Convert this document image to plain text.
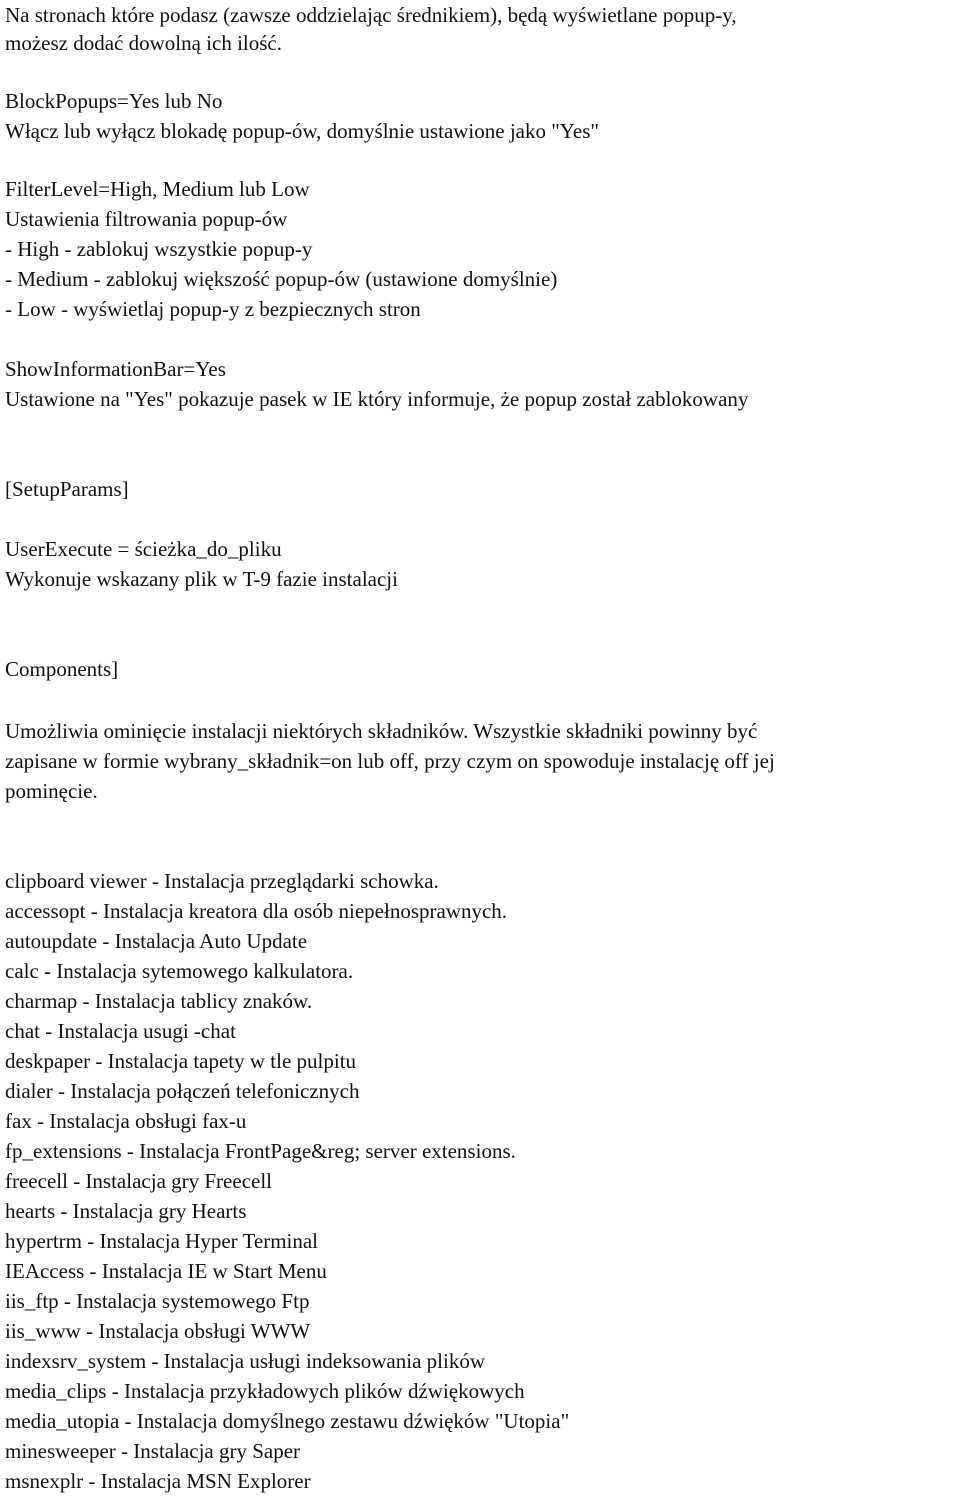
Na stronach które podasz (zawsze oddzielając średnikiem), będą wyświetlane popup-y,
możesz dodać dowolną ich ilość.
BlockPopups=Yes lub No
Włącz lub wyłącz blokadę popup-ów, domyślnie ustawione jako "Yes"
FilterLevel=High, Medium lub Low
Ustawienia filtrowania popup-ów
- High - zablokuj wszystkie popup-y
- Medium - zablokuj większość popup-ów (ustawione domyślnie)
- Low - wyświetlaj popup-y z bezpiecznych stron
ShowInformationBar=Yes
Ustawione na "Yes" pokazuje pasek w IE który informuje, że popup został zablokowany
[SetupParams]
UserExecute = ścieżka_do_pliku
Wykonuje wskazany plik w T-9 fazie instalacji
Components]
Umożliwia ominięcie instalacji niektórych składników. Wszystkie składniki powinny być
zapisane w formie wybrany_składnik=on lub off, przy czym on spowoduje instalację off jej
pominęcie.
clipboard viewer - Instalacja przeglądarki schowka.
accessopt - Instalacja kreatora dla osób niepełnosprawnych.
autoupdate - Instalacja Auto Update
calc - Instalacja sytemowego kalkulatora.
charmap - Instalacja tablicy znaków.
chat - Instalacja usugi -chat
deskpaper - Instalacja tapety w tle pulpitu
dialer - Instalacja połączeń telefonicznych
fax - Instalacja obsługi fax-u
fp_extensions - Instalacja FrontPage&reg; server extensions.
freecell - Instalacja gry Freecell
hearts - Instalacja gry Hearts
hypertrm - Instalacja Hyper Terminal
IEAccess - Instalacja IE w Start Menu
iis_ftp - Instalacja systemowego Ftp
iis_www - Instalacja obsługi WWW
indexsrv_system - Instalacja usługi indeksowania plików
media_clips - Instalacja przykładowych plików dźwiękowych
media_utopia - Instalacja domyślnego zestawu dźwięków "Utopia"
minesweeper - Instalacja gry Saper
msnexplr - Instalacja MSN Explorer
